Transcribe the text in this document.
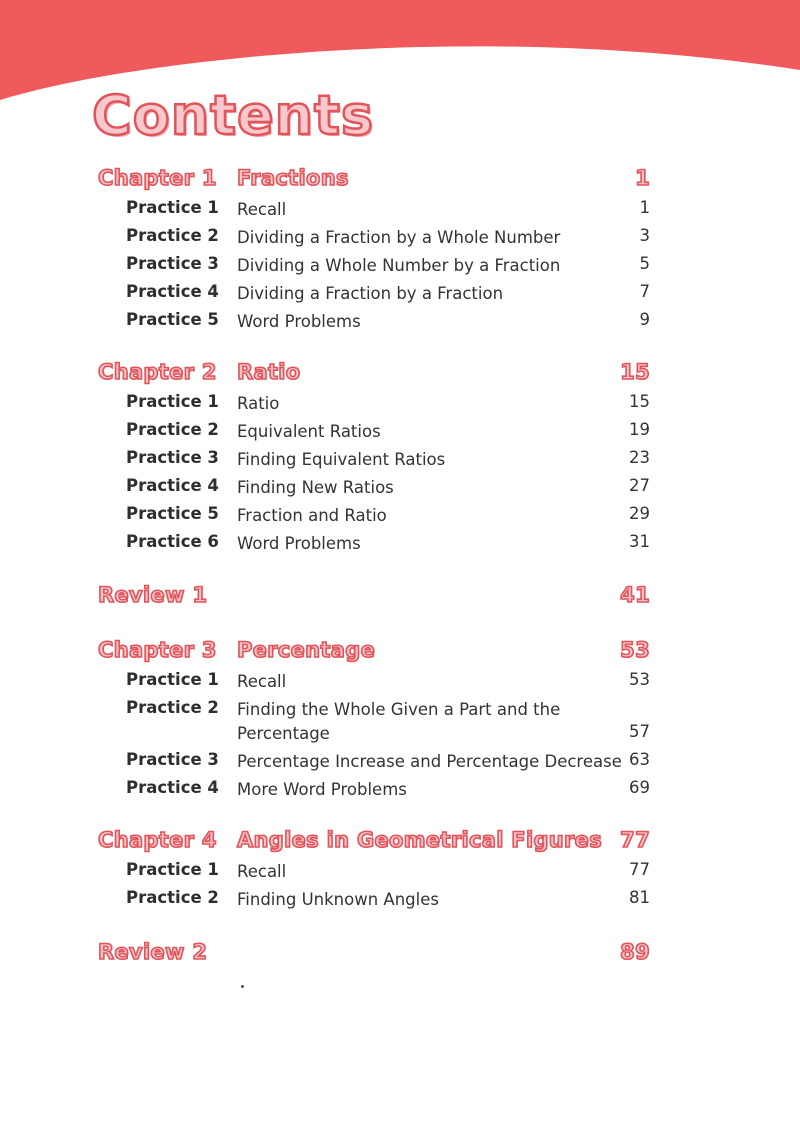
Contents
Chapter 1 Fractions	1
Practice 1 Recall	1
Practice 2 Dividing a Fraction by a Whole Number	3
Practice 3 Dividing a Whole Number by a Fraction	5
Practice 4 Dividing a Fraction by a Fraction	7
Practice 5 Word Problems	9
Chapter 2 Ratio	15
Practice 1 Ratio	15
Practice 2 Equivalent Ratios	19
Practice 3 Finding Equivalent Ratios	23
Practice 4 Finding New Ratios	27
Practice 5 Fraction and Ratio	29
Practice 6 Word Problems	31
Review 1	41
Chapter 3 Percentage	53
Practice 1 Recall	53
Practice 2 Finding the Whole Given a Part and the
Percentage	57
Practice 3 Percentage Increase and Percentage Decrease 63
Practice 4 More Word Problems	69
Chapter 4 Angles in Geometrical Figures 77
Practice 1 Recall	77
Practice 2 Finding Unknown Angles	81
Review 2	89
